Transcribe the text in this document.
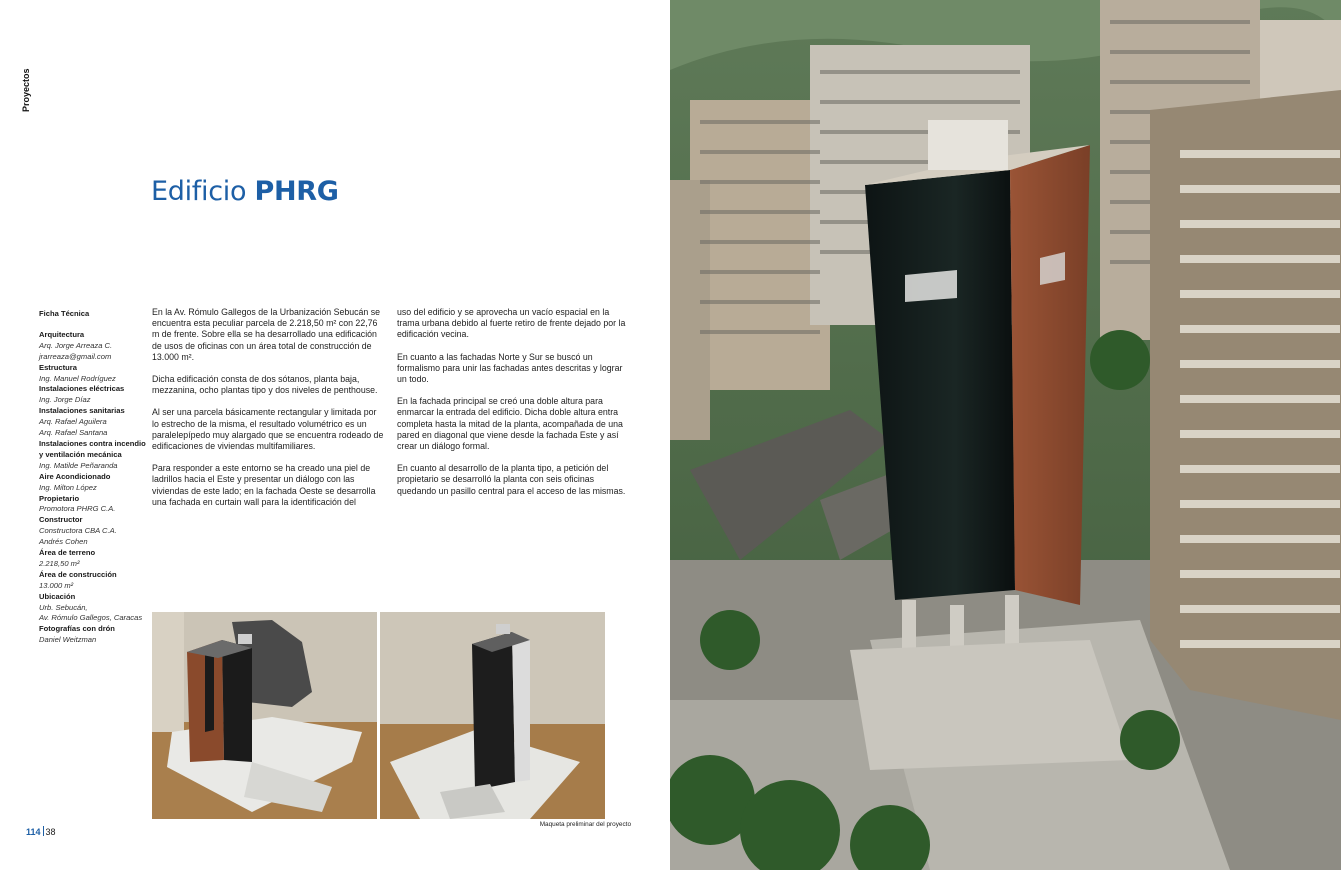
Proyectos
Edificio PHRG
Ficha Técnica
Arquitectura
Arq. Jorge Arreaza C.
jrarreaza@gmail.com
Estructura
Ing. Manuel Rodríguez
Instalaciones eléctricas
Ing. Jorge Díaz
Instalaciones sanitarias
Arq. Rafael Aguilera
Arq. Rafael Santana
Instalaciones contra incendio y ventilación mecánica
Ing. Matilde Peñaranda
Aire Acondicionado
Ing. Milton López
Propietario
Promotora PHRG C.A.
Constructor
Constructora CBA C.A.
Andrés Cohen
Área de terreno
2.218,50 m²
Área de construcción
13.000 m²
Ubicación
Urb. Sebucán,
Av. Rómulo Gallegos, Caracas
Fotografías con drón
Daniel Weitzman

En la Av. Rómulo Gallegos de la Urbanización Sebucán se encuentra esta peculiar parcela de 2.218,50 m² con 22,76 m de frente. Sobre ella se ha desarrollado una edificación de usos de oficinas con un área total de construcción de 13.000 m².

Dicha edificación consta de dos sótanos, planta baja, mezzanina, ocho plantas tipo y dos niveles de penthouse.

Al ser una parcela básicamente rectangular y limitada por lo estrecho de la misma, el resultado volumétrico es un paralelepípedo muy alargado que se encuentra rodeado de edificaciones de viviendas multifamiliares.

Para responder a este entorno se ha creado una piel de ladrillos hacia el Este y presentar un diálogo con las viviendas de este lado; en la fachada Oeste se desarrolla una fachada en curtain wall para la identificación del

uso del edificio y se aprovecha un vacío espacial en la trama urbana debido al fuerte retiro de frente dejado por la edificación vecina.

En cuanto a las fachadas Norte y Sur se buscó un formalismo para unir las fachadas antes descritas y lograr un todo.

En la fachada principal se creó una doble altura para enmarcar la entrada del edificio. Dicha doble altura entra completa hasta la mitad de la planta, acompañada de una pared en diagonal que viene desde la fachada Este y así crear un diálogo formal.

En cuanto al desarrollo de la planta tipo, a petición del propietario se desarrolló la planta con seis oficinas quedando un pasillo central para el acceso de las mismas.

Maqueta preliminar del proyecto
114 38
